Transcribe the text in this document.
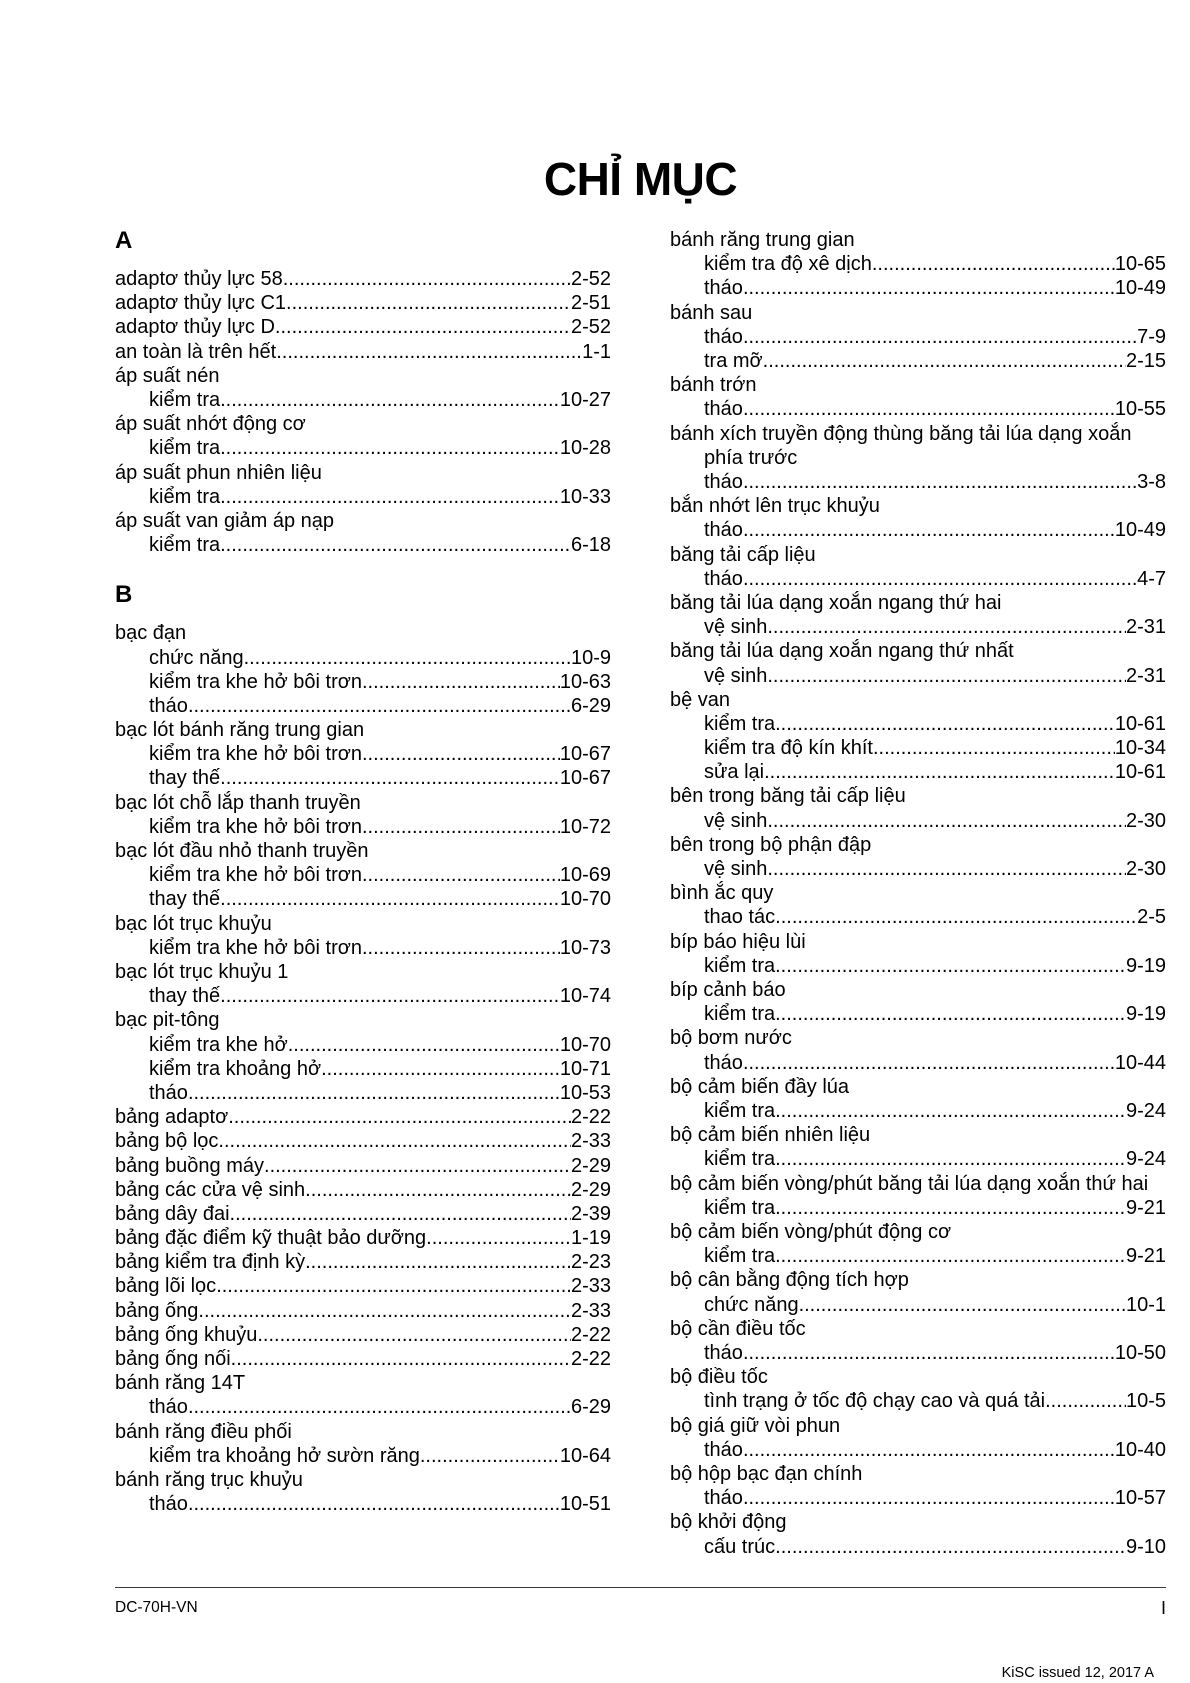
CHỈ MỤC
A
adaptơ thủy lực 58 .....	2-52
adaptơ thủy lực C1 .....	2-51
adaptơ thủy lực D .....	2-52
an toàn là trên hết .....	1-1
áp suất nén
kiểm tra .....	10-27
áp suất nhớt động cơ
kiểm tra .....	10-28
áp suất phun nhiên liệu
kiểm tra .....	10-33
áp suất van giảm áp nạp
kiểm tra .....	6-18
B
bạc đạn
chức năng .....	10-9
kiểm tra khe hở bôi trơn .....	10-63
tháo .....	6-29
bạc lót bánh răng trung gian
kiểm tra khe hở bôi trơn .....	10-67
thay thế .....	10-67
bạc lót chỗ lắp thanh truyền
kiểm tra khe hở bôi trơn .....	10-72
bạc lót đầu nhỏ thanh truyền
kiểm tra khe hở bôi trơn .....	10-69
thay thế .....	10-70
bạc lót trục khuỷu
kiểm tra khe hở bôi trơn .....	10-73
bạc lót trục khuỷu 1
thay thế .....	10-74
bạc pit-tông
kiểm tra khe hở .....	10-70
kiểm tra khoảng hở .....	10-71
tháo .....	10-53
bảng adaptơ .....	2-22
bảng bộ lọc .....	2-33
bảng buồng máy .....	2-29
bảng các cửa vệ sinh .....	2-29
bảng dây đai .....	2-39
bảng đặc điểm kỹ thuật bảo dưỡng .....	1-19
bảng kiểm tra định kỳ .....	2-23
bảng lõi lọc .....	2-33
bảng ống .....	2-33
bảng ống khuỷu .....	2-22
bảng ống nối .....	2-22
bánh răng 14T
tháo .....	6-29
bánh răng điều phối
kiểm tra khoảng hở sườn răng .....	10-64
bánh răng trục khuỷu
tháo .....	10-51
bánh răng trung gian
kiểm tra độ xê dịch .....	10-65
tháo .....	10-49
bánh sau
tháo .....	7-9
tra mỡ .....	2-15
bánh trớn
tháo .....	10-55
bánh xích truyền động thùng băng tải lúa dạng xoắn phía trước
tháo .....	3-8
bắn nhớt lên trục khuỷu
tháo .....	10-49
băng tải cấp liệu
tháo .....	4-7
băng tải lúa dạng xoắn ngang thứ hai
vệ sinh .....	2-31
băng tải lúa dạng xoắn ngang thứ nhất
vệ sinh .....	2-31
bệ van
kiểm tra .....	10-61
kiểm tra độ kín khít .....	10-34
sửa lại .....	10-61
bên trong băng tải cấp liệu
vệ sinh .....	2-30
bên trong bộ phận đập
vệ sinh .....	2-30
bình ắc quy
thao tác .....	2-5
bíp báo hiệu lùi
kiểm tra .....	9-19
bíp cảnh báo
kiểm tra .....	9-19
bộ bơm nước
tháo .....	10-44
bộ cảm biến đầy lúa
kiểm tra .....	9-24
bộ cảm biến nhiên liệu
kiểm tra .....	9-24
bộ cảm biến vòng/phút băng tải lúa dạng xoắn thứ hai
kiểm tra .....	9-21
bộ cảm biến vòng/phút động cơ
kiểm tra .....	9-21
bộ cân bằng động tích hợp
chức năng .....	10-1
bộ cần điều tốc
tháo .....	10-50
bộ điều tốc
tình trạng ở tốc độ chạy cao và quá tải .....	10-5
bộ giá giữ vòi phun
tháo .....	10-40
bộ hộp bạc đạn chính
tháo .....	10-57
bộ khởi động
cấu trúc .....	9-10
DC-70H-VN	I
KiSC issued 12, 2017 A
